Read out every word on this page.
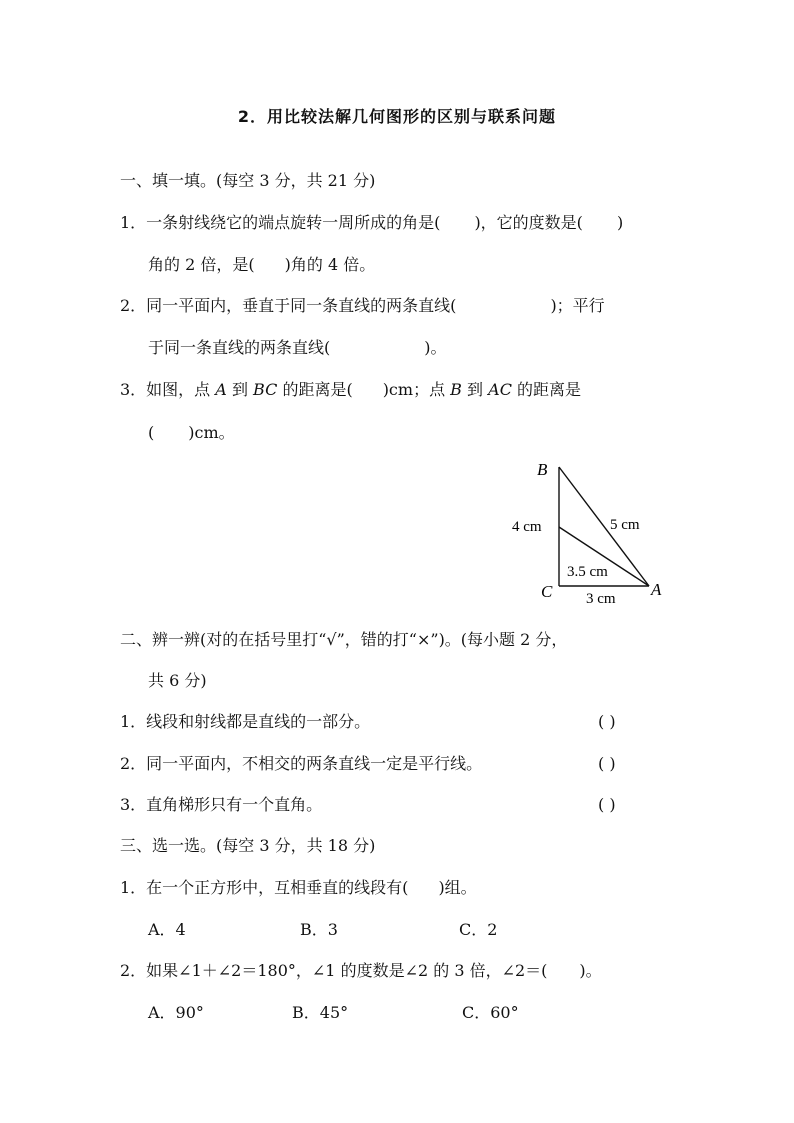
2．用比较法解几何图形的区别与联系问题
一、填一填。(每空 3 分，共 21 分)
1．一条射线绕它的端点旋转一周所成的角是( )，它的度数是( )
角的 2 倍，是( )角的 4 倍。
2．同一平面内，垂直于同一条直线的两条直线(	)；平行
于同一条直线的两条直线(	)。
3．如图，点 A 到 BC 的距离是( )cm；点 B 到 AC 的距离是
( )cm。
B
C	A
4 cm	5 cm
3.5 cm
3 cm
二、辨一辨(对的在括号里打“√”，错的打“×”)。(每小题 2 分，
共 6 分)
1．线段和射线都是直线的一部分。	( )
2．同一平面内，不相交的两条直线一定是平行线。	( )
3．直角梯形只有一个直角。	( )
三、选一选。(每空 3 分，共 18 分)
1．在一个正方形中，互相垂直的线段有( )组。
A．4	B．3	C．2
2．如果∠1＋∠2＝180°，∠1 的度数是∠2 的 3 倍，∠2＝( )。
A．90°	B．45°	C．60°
